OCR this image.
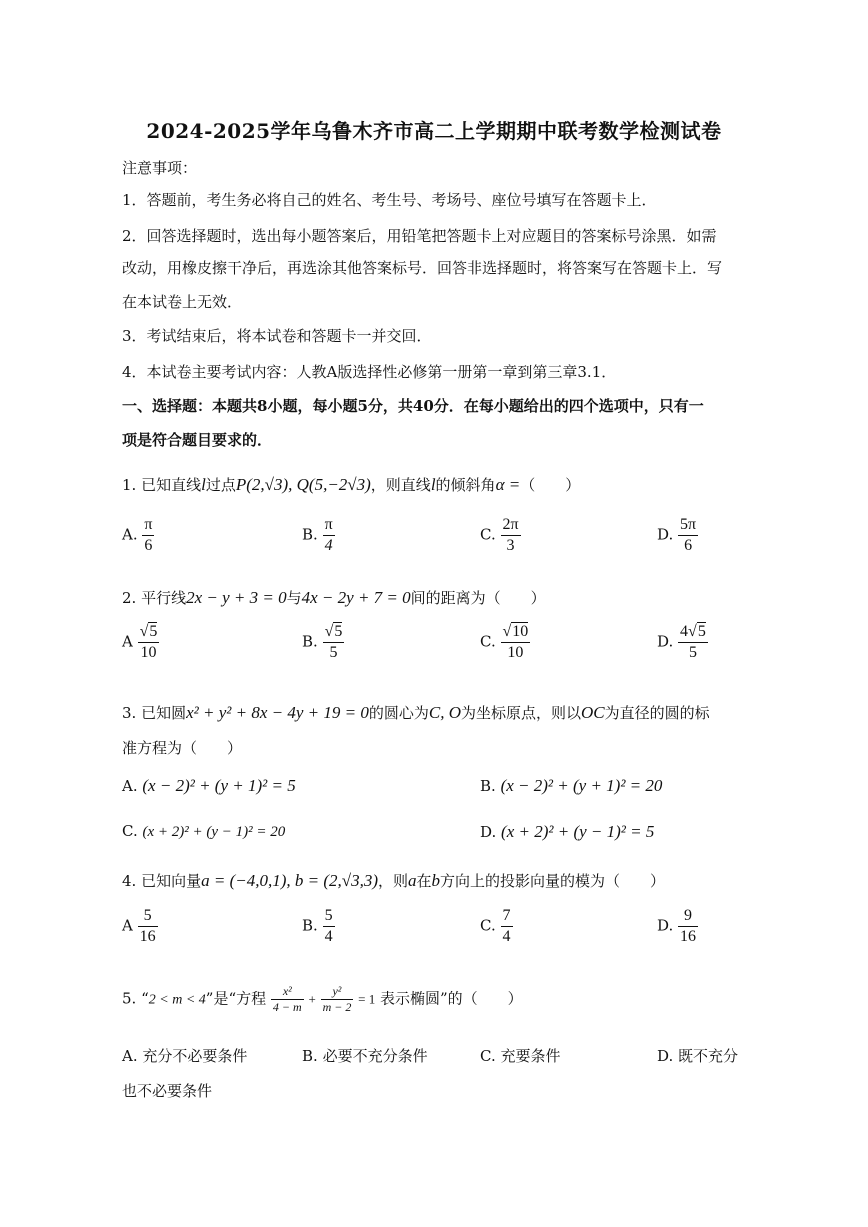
2024-2025学年乌鲁木齐市高二上学期期中联考数学检测试卷
注意事项：
1．答题前，考生务必将自己的姓名、考生号、考场号、座位号填写在答题卡上．
2．回答选择题时，选出每小题答案后，用铅笔把答题卡上对应题目的答案标号涂黑．如需
改动，用橡皮擦干净后，再选涂其他答案标号．回答非选择题时，将答案写在答题卡上．写
在本试卷上无效．
3．考试结束后，将本试卷和答题卡一并交回．
4．本试卷主要考试内容：人教A版选择性必修第一册第一章到第三章3.1．
一、选择题：本题共8小题，每小题5分，共40分．在每小题给出的四个选项中，只有一
项是符合题目要求的．
1. 已知直线l过点P(2,√3), Q(5,−2√3)，则直线l的倾斜角α =（　　）
A. $\frac{\pi}{6}$	B. $\frac{\pi}{4}$	C. $\frac{2\pi}{3}$	D. $\frac{5\pi}{6}$
2. 平行线2x − y + 3 = 0与4x − 2y + 7 = 0间的距离为（　　）
A $\frac{√5}{10}$	B. $\frac{√5}{5}$	C. $\frac{√10}{10}$	D. $\frac{4√5}{5}$
3. 已知圆x² + y² + 8x − 4y + 19 = 0的圆心为C, O为坐标原点，则以OC为直径的圆的标
准方程为（　　）
A. (x − 2)² + (y + 1)² = 5	B. (x − 2)² + (y + 1)² = 20
C. (x + 2)² + (y − 1)² = 20	D. (x + 2)² + (y − 1)² = 5
4. 已知向量a = (−4,0,1), b = (2,√3,3)，则a在b方向上的投影向量的模为（　　）
A $\frac{5}{16}$	B. $\frac{5}{4}$	C. $\frac{7}{4}$	D. $\frac{9}{16}$
5. “2 < m < 4”是“方程 $\frac{\text{x²}}{4 - m} + \frac{\text{y²}}{m - 2} = 1$ 表示椭圆”的（　　）
A. 充分不必要条件	B. 必要不充分条件	C. 充要条件	D. 既不充分
也不必要条件
